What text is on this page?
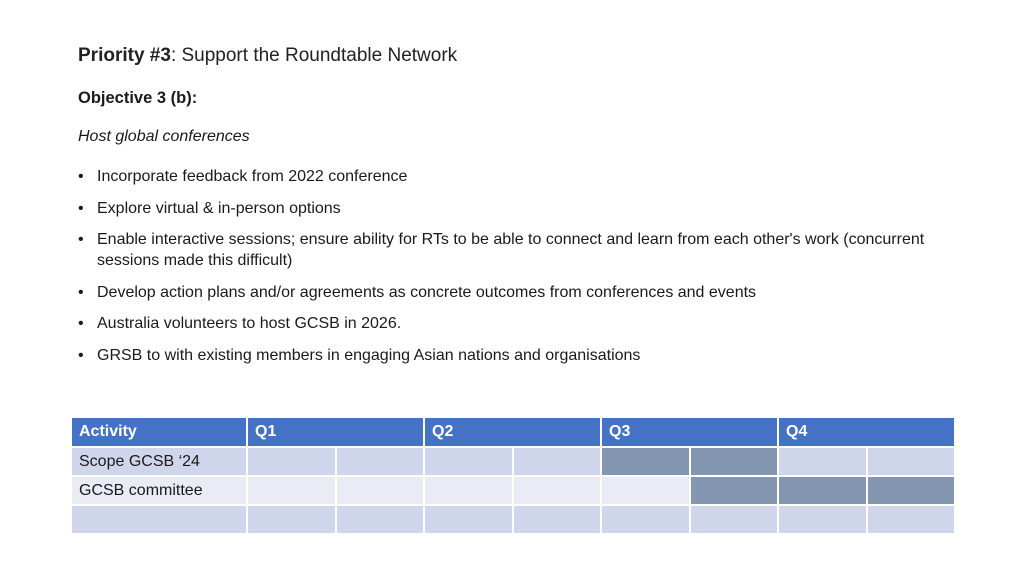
Priority #3: Support the Roundtable Network
Objective 3 (b):
Host global conferences
• Incorporate feedback from 2022 conference
• Explore virtual & in-person options
• Enable interactive sessions; ensure ability for RTs to be able to connect and learn from each other's work (concurrent sessions made this difficult)
• Develop action plans and/or agreements as concrete outcomes from conferences and events
• Australia volunteers to host GCSB in 2026.
• GRSB to with existing members in engaging Asian nations and organisations
Activity	Q1		Q2		Q3		Q4	
Scope GCSB ‘24								
GCSB committee								
